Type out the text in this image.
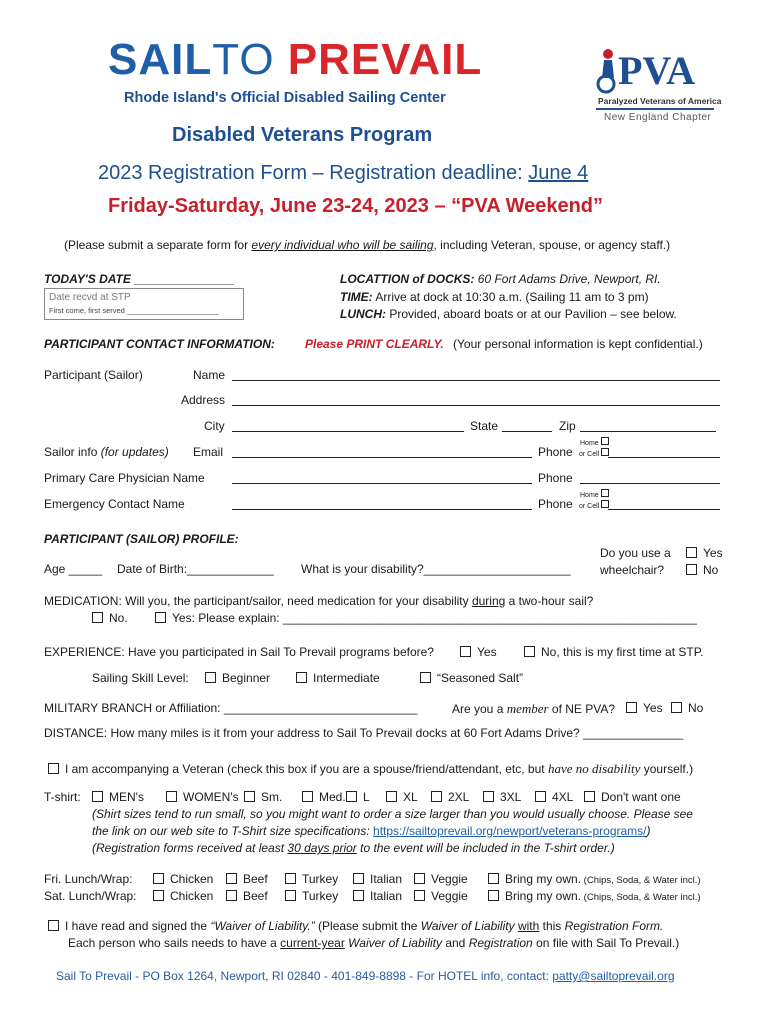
SAILTO PREVAIL
Rhode Island's Official Disabled Sailing Center
PVA
Paralyzed Veterans of America
New England Chapter
Disabled Veterans Program
2023 Registration Form – Registration deadline: June 4
Friday-Saturday, June 23-24, 2023 – “PVA Weekend”
(Please submit a separate form for every individual who will be sailing, including Veteran, spouse, or agency staff.)
TODAY'S DATE _______________
Date recvd at STP
First come, first served ______________________
LOCATTION of DOCKS: 60 Fort Adams Drive, Newport, RI.
TIME: Arrive at dock at 10:30 a.m. (Sailing 11 am to 3 pm)
LUNCH: Provided, aboard boats or at our Pavilion – see below.
PARTICIPANT CONTACT INFORMATION:	Please PRINT CLEARLY. (Your personal information is kept confidential.)
Participant (Sailor)	Name
Address
City	State	Zip
Sailor info (for updates) Email	Phone
Home
or Cell
Primary Care Physician Name	Phone
Emergency Contact Name	Phone
Home
or Cell
PARTICIPANT (SAILOR) PROFILE:
Age _____ Date of Birth:_____________ What is your disability?______________________
Do you use a
wheelchair?
Yes
No
MEDICATION: Will you, the participant/sailor, need medication for your disability during a two-hour sail?
No.	Yes: Please explain: ______________________________________________________________
EXPERIENCE: Have you participated in Sail To Prevail programs before?	Yes	No, this is my first time at STP.
Sailing Skill Level:	Beginner	Intermediate	“Seasoned Salt”
MILITARY BRANCH or Affiliation: _____________________________	Are you a member of NE PVA?	Yes	No
DISTANCE: How many miles is it from your address to Sail To Prevail docks at 60 Fort Adams Drive? _______________
I am accompanying a Veteran (check this box if you are a spouse/friend/attendant, etc, but have no disability yourself.)
T-shirt:	MEN's	WOMEN's	Sm.	Med.	L	XL	2XL	3XL	4XL	Don't want one
(Shirt sizes tend to run small, so you might want to order a size larger than you would usually choose. Please see
the link on our web site to T-Shirt size specifications: https://sailtoprevail.org/newport/veterans-programs/)
(Registration forms received at least 30 days prior to the event will be included in the T-shirt order.)
Fri. Lunch/Wrap:	Chicken	Beef	Turkey	Italian	Veggie	Bring my own. (Chips, Soda, & Water incl.)
Sat. Lunch/Wrap:	Chicken	Beef	Turkey	Italian	Veggie	Bring my own. (Chips, Soda, & Water incl.)
I have read and signed the “Waiver of Liability.” (Please submit the Waiver of Liability with this Registration Form.
Each person who sails needs to have a current-year Waiver of Liability and Registration on file with Sail To Prevail.)
Sail To Prevail - PO Box 1264, Newport, RI 02840 - 401-849-8898 - For HOTEL info, contact: patty@sailtoprevail.org
